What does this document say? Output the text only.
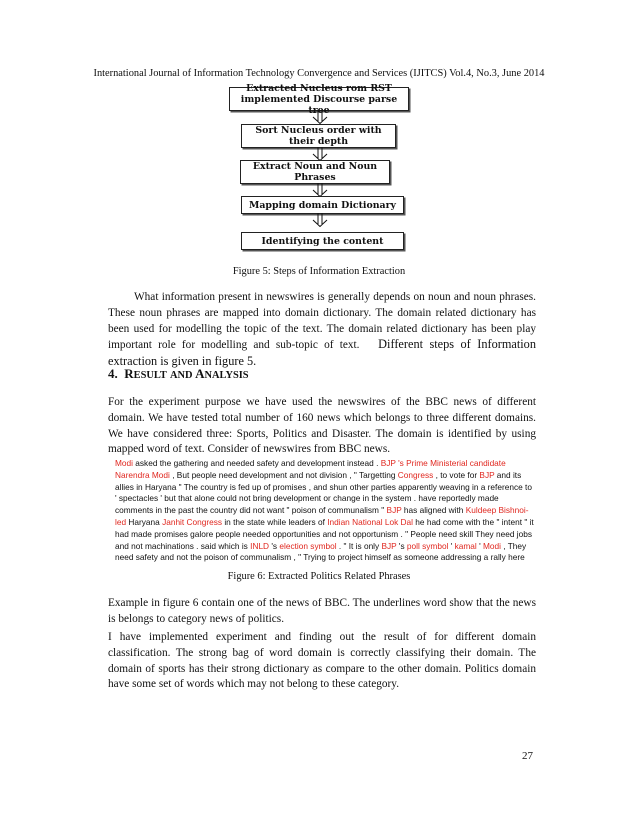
International Journal of Information Technology Convergence and Services (IJITCS) Vol.4, No.3, June 2014
Extracted Nucleus rom RST implemented Discourse parse tree
Sort Nucleus order with their depth
Extract Noun and Noun Phrases
Mapping domain Dictionary
Identifying the content
Figure 5: Steps of Information Extraction

What information present in newswires is generally depends on noun and noun phrases. These noun phrases are mapped into domain dictionary. The domain related dictionary has been used for modelling the topic of the text. The domain related dictionary has been play important role for modelling and sub-topic of text. Different steps of Information extraction is given in figure 5.

4. RESULT AND ANALYSIS

For the experiment purpose we have used the newswires of the BBC news of different domain. We have tested total number of 160 news which belongs to three different domains. We have considered three: Sports, Politics and Disaster. The domain is identified by using mapped word of text. Consider of newswires from BBC news.

Modi asked the gathering and needed safety and development instead . BJP 's Prime Ministerial candidate Narendra Modi , But people need development and not division , " Targetting Congress , to vote for BJP and its allies in Haryana " The country is fed up of promises , and shun other parties apparently weaving in a reference to ' spectacles ' but that alone could not bring development or change in the system . have reportedly made comments in the past the country did not want " poison of communalism " BJP has aligned with Kuldeep Bishnoi-led Haryana Janhit Congress in the state while leaders of Indian National Lok Dal he had come with the " intent " it had made promises galore people needed opportunities and not opportunism . " People need skill They need jobs and not machinations . said which is INLD 's election symbol . " It is only BJP 's poll symbol ' kamal ' Modi , They need safety and not the poison of communalism , " Trying to project himself as someone addressing a rally here

Figure 6: Extracted Politics Related Phrases

Example in figure 6 contain one of the news of BBC. The underlines word show that the news is belongs to category news of politics.

I have implemented experiment and finding out the result of for different domain classification. The strong bag of word domain is correctly classifying their domain. The domain of sports has their strong dictionary as compare to the other domain. Politics domain have some set of words which may not belong to these category.

27
